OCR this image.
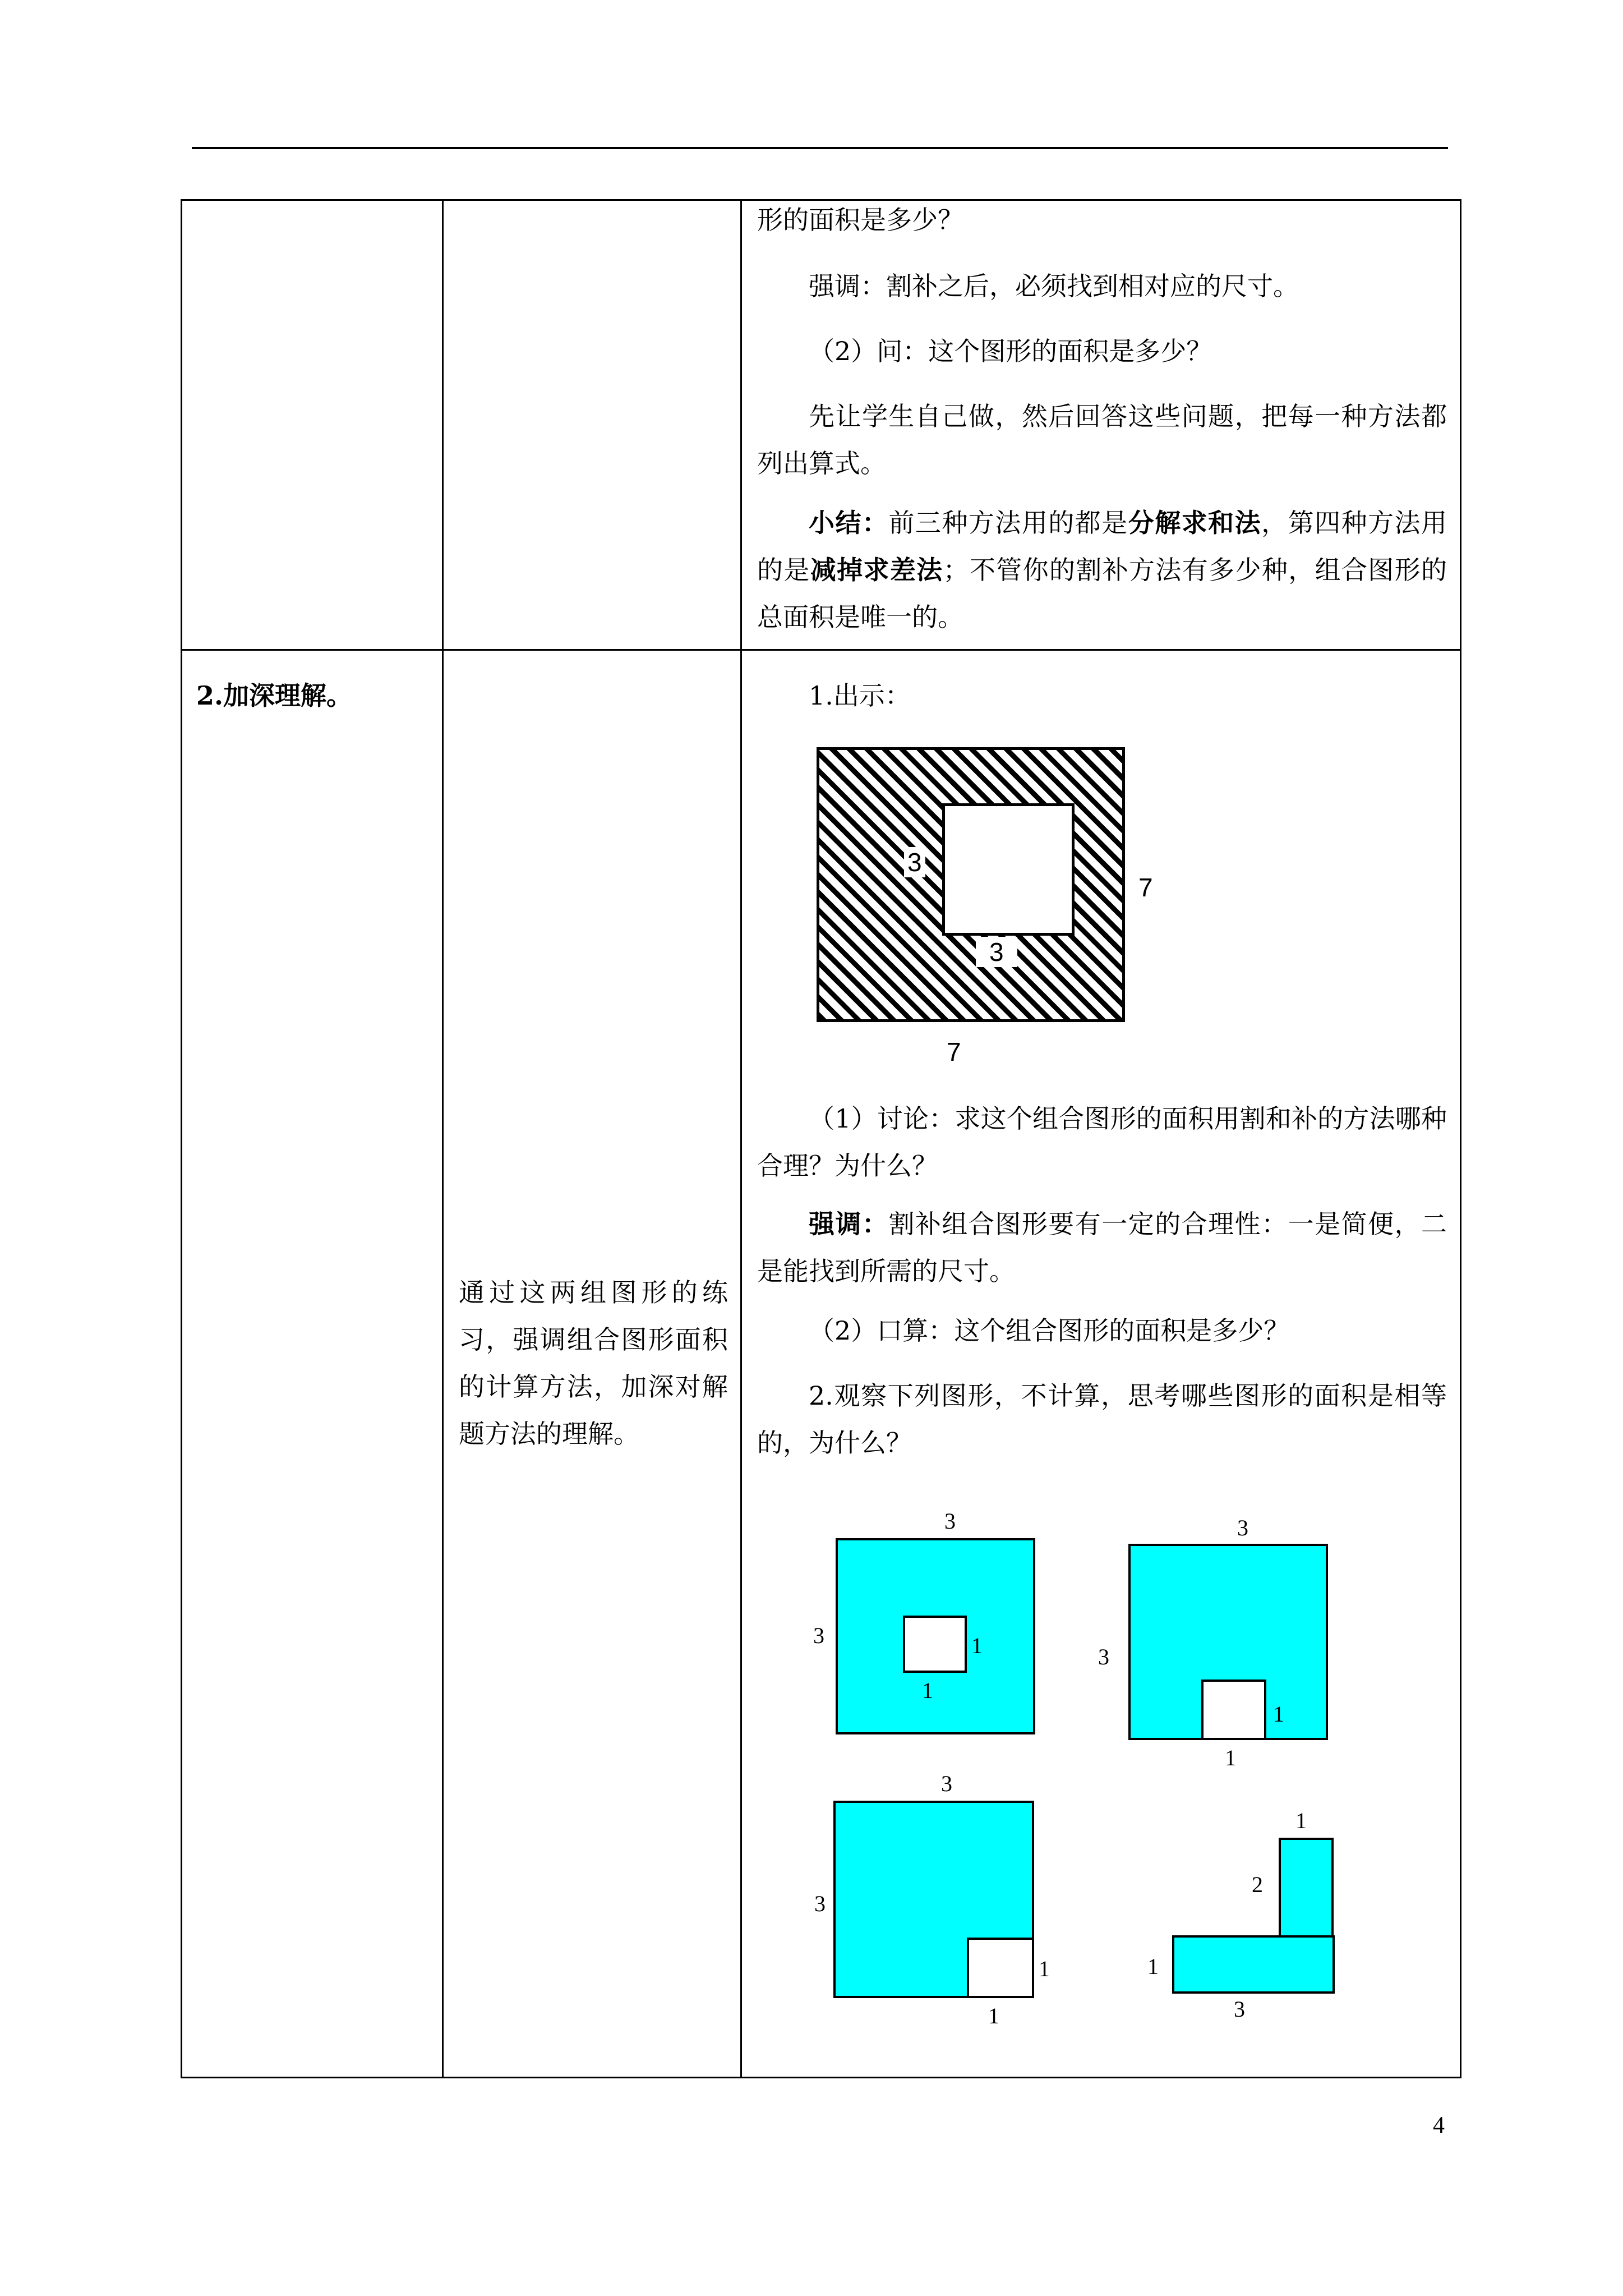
形的面积是多少？
强调：割补之后，必须找到相对应的尺寸。
（2）问：这个图形的面积是多少？
先让学生自己做，然后回答这些问题，把每一种方法都列出算式。
小结：前三种方法用的都是分解求和法，第四种方法用的是减掉求差法；不管你的割补方法有多少种，组合图形的总面积是唯一的。
2.加深理解。
通过这两组图形的练习，强调组合图形面积的计算方法，加深对解题方法的理解。
1.出示：
3
3
7
7
（1）讨论：求这个组合图形的面积用割和补的方法哪种合理？为什么？
强调：割补组合图形要有一定的合理性：一是简便，二是能找到所需的尺寸。
（2）口算：这个组合图形的面积是多少？
2.观察下列图形，不计算，思考哪些图形的面积是相等的，为什么？
3
3	1
1
3
3
1
1
3
3
1
1
1
2
1
3
4
